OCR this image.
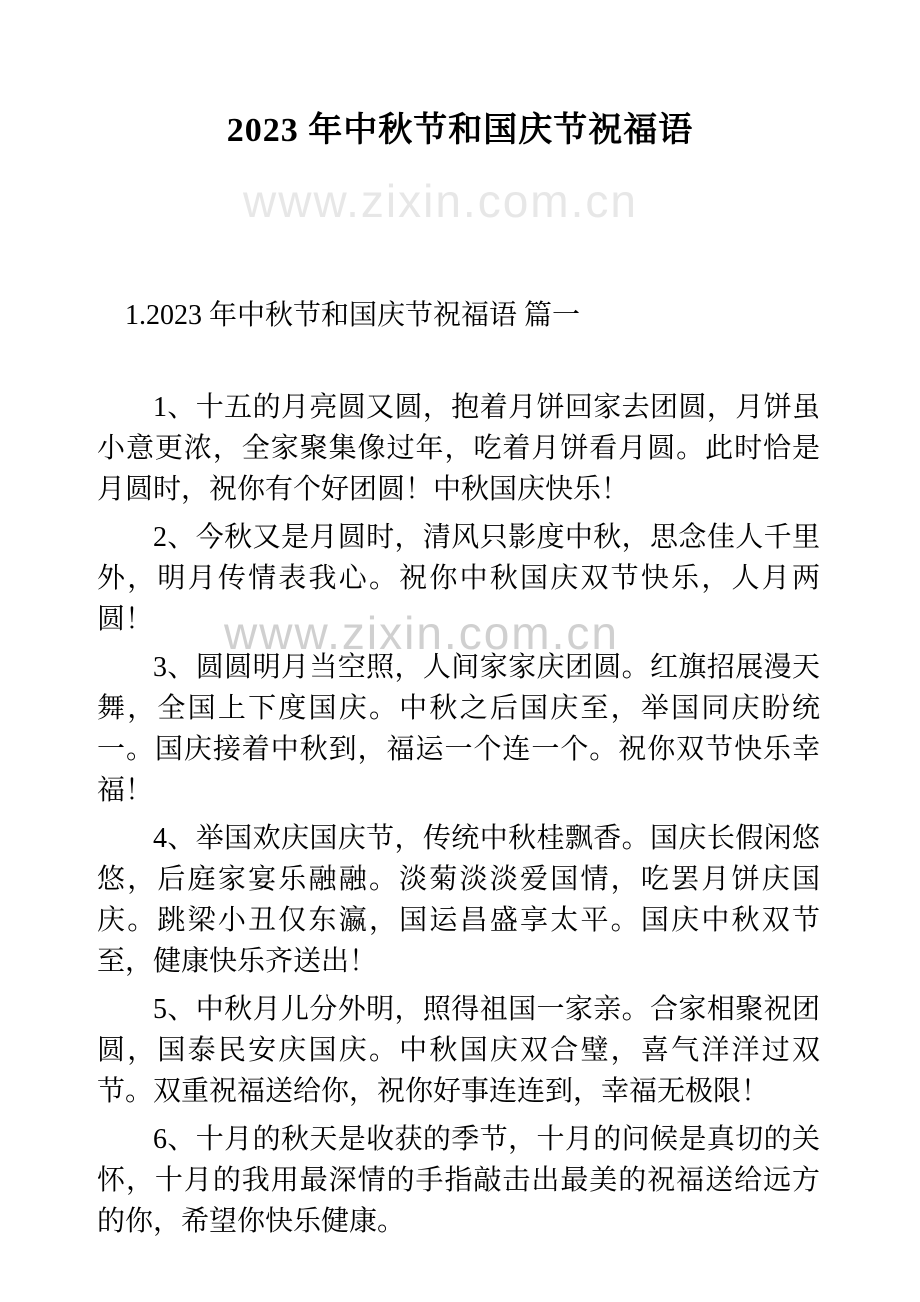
www.zixin.com.cn
www.zixin.com.cn
2023 年中秋节和国庆节祝福语
1.2023 年中秋节和国庆节祝福语 篇一

1、十五的月亮圆又圆，抱着月饼回家去团圆，月饼虽小意更浓，全家聚集像过年，吃着月饼看月圆。此时恰是月圆时，祝你有个好团圆！中秋国庆快乐！

2、今秋又是月圆时，清风只影度中秋，思念佳人千里外，明月传情表我心。祝你中秋国庆双节快乐，人月两圆！

3、圆圆明月当空照，人间家家庆团圆。红旗招展漫天舞，全国上下度国庆。中秋之后国庆至，举国同庆盼统一。国庆接着中秋到，福运一个连一个。祝你双节快乐幸福！

4、举国欢庆国庆节，传统中秋桂飘香。国庆长假闲悠悠，后庭家宴乐融融。淡菊淡淡爱国情，吃罢月饼庆国庆。跳梁小丑仅东瀛，国运昌盛享太平。国庆中秋双节至，健康快乐齐送出！

5、中秋月儿分外明，照得祖国一家亲。合家相聚祝团圆，国泰民安庆国庆。中秋国庆双合璧，喜气洋洋过双节。双重祝福送给你，祝你好事连连到，幸福无极限！

6、十月的秋天是收获的季节，十月的问候是真切的关怀，十月的我用最深情的手指敲击出最美的祝福送给远方的你，希望你快乐健康。
